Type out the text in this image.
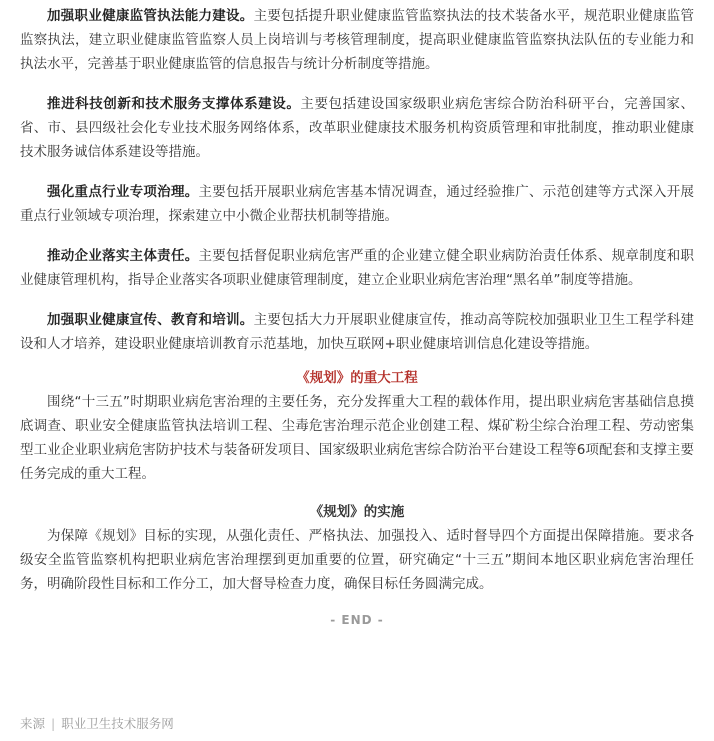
加强职业健康监管执法能力建设。主要包括提升职业健康监管监察执法的技术装备水平，规范职业健康监管监察执法，建立职业健康监管监察人员上岗培训与考核管理制度，提高职业健康监管监察执法队伍的专业能力和执法水平，完善基于职业健康监管的信息报告与统计分析制度等措施。

推进科技创新和技术服务支撑体系建设。主要包括建设国家级职业病危害综合防治科研平台，完善国家、省、市、县四级社会化专业技术服务网络体系，改革职业健康技术服务机构资质管理和审批制度，推动职业健康技术服务诚信体系建设等措施。

强化重点行业专项治理。主要包括开展职业病危害基本情况调查，通过经验推广、示范创建等方式深入开展重点行业领域专项治理，探索建立中小微企业帮扶机制等措施。

推动企业落实主体责任。主要包括督促职业病危害严重的企业建立健全职业病防治责任体系、规章制度和职业健康管理机构，指导企业落实各项职业健康管理制度，建立企业职业病危害治理“黑名单”制度等措施。

加强职业健康宣传、教育和培训。主要包括大力开展职业健康宣传，推动高等院校加强职业卫生工程学科建设和人才培养，建设职业健康培训教育示范基地，加快互联网+职业健康培训信息化建设等措施。

《规划》的重大工程

围绕“十三五”时期职业病危害治理的主要任务，充分发挥重大工程的载体作用，提出职业病危害基础信息摸底调查、职业安全健康监管执法培训工程、尘毒危害治理示范企业创建工程、煤矿粉尘综合治理工程、劳动密集型工业企业职业病危害防护技术与装备研发项目、国家级职业病危害综合防治平台建设工程等6项配套和支撑主要任务完成的重大工程。

《规划》的实施

为保障《规划》目标的实现，从强化责任、严格执法、加强投入、适时督导四个方面提出保障措施。要求各级安全监管监察机构把职业病危害治理摆到更加重要的位置，研究确定“十三五”期间本地区职业病危害治理任务，明确阶段性目标和工作分工，加大督导检查力度，确保目标任务圆满完成。

- END -

来源 | 职业卫生技术服务网
